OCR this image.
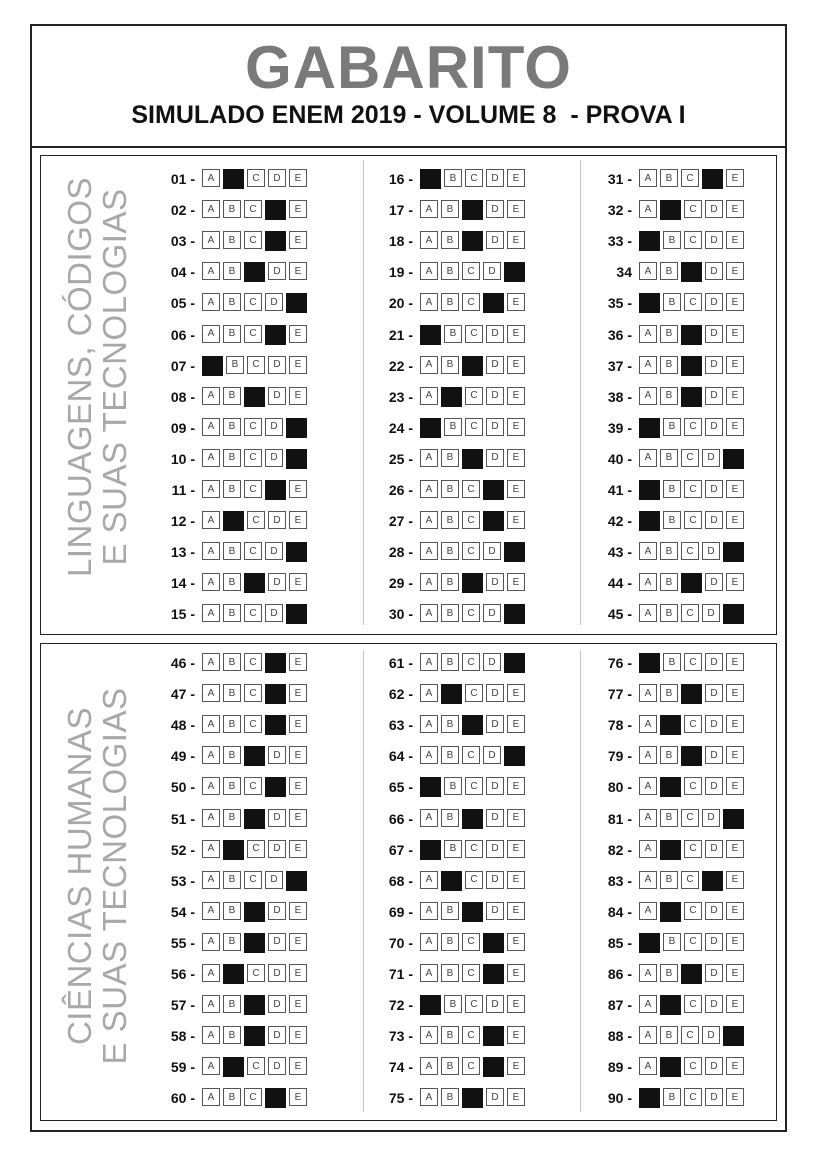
GABARITO
SIMULADO ENEM 2019 - VOLUME 8  - PROVA I
LINGUAGENS, CÓDIGOS
E SUAS TECNOLOGIAS
CIÊNCIAS HUMANAS
E SUAS TECNOLOGIAS
01 -	A	C	D	E
02 -	A	B	C	E
03 -	A	B	C	E
04 -	A	B	D	E
05 -	A	B	C	D
06 -	A	B	C	E
07 -	B	C	D	E
08 -	A	B	D	E
09 -	A	B	C	D
10 -	A	B	C	D
11 -	A	B	C	E
12 -	A	C	D	E
13 -	A	B	C	D
14 -	A	B	D	E
15 -	A	B	C	D
16 -	B	C	D	E
17 -	A	B	D	E
18 -	A	B	D	E
19 -	A	B	C	D
20 -	A	B	C	E
21 -	B	C	D	E
22 -	A	B	D	E
23 -	A	C	D	E
24 -	B	C	D	E
25 -	A	B	D	E
26 -	A	B	C	E
27 -	A	B	C	E
28 -	A	B	C	D
29 -	A	B	D	E
30 -	A	B	C	D
31 -	A	B	C	E
32 -	A	C	D	E
33 -	B	C	D	E
34	A	B	D	E
35 -	B	C	D	E
36 -	A	B	D	E
37 -	A	B	D	E
38 -	A	B	D	E
39 -	B	C	D	E
40 -	A	B	C	D
41 -	B	C	D	E
42 -	B	C	D	E
43 -	A	B	C	D
44 -	A	B	D	E
45 -	A	B	C	D
46 -	A	B	C	E
47 -	A	B	C	E
48 -	A	B	C	E
49 -	A	B	D	E
50 -	A	B	C	E
51 -	A	B	D	E
52 -	A	C	D	E
53 -	A	B	C	D
54 -	A	B	D	E
55 -	A	B	D	E
56 -	A	C	D	E
57 -	A	B	D	E
58 -	A	B	D	E
59 -	A	C	D	E
60 -	A	B	C	E
61 -	A	B	C	D
62 -	A	C	D	E
63 -	A	B	D	E
64 -	A	B	C	D
65 -	B	C	D	E
66 -	A	B	D	E
67 -	B	C	D	E
68 -	A	C	D	E
69 -	A	B	D	E
70 -	A	B	C	E
71 -	A	B	C	E
72 -	B	C	D	E
73 -	A	B	C	E
74 -	A	B	C	E
75 -	A	B	D	E
76 -	B	C	D	E
77 -	A	B	D	E
78 -	A	C	D	E
79 -	A	B	D	E
80 -	A	C	D	E
81 -	A	B	C	D
82 -	A	C	D	E
83 -	A	B	C	E
84 -	A	C	D	E
85 -	B	C	D	E
86 -	A	B	D	E
87 -	A	C	D	E
88 -	A	B	C	D
89 -	A	C	D	E
90 -	B	C	D	E
